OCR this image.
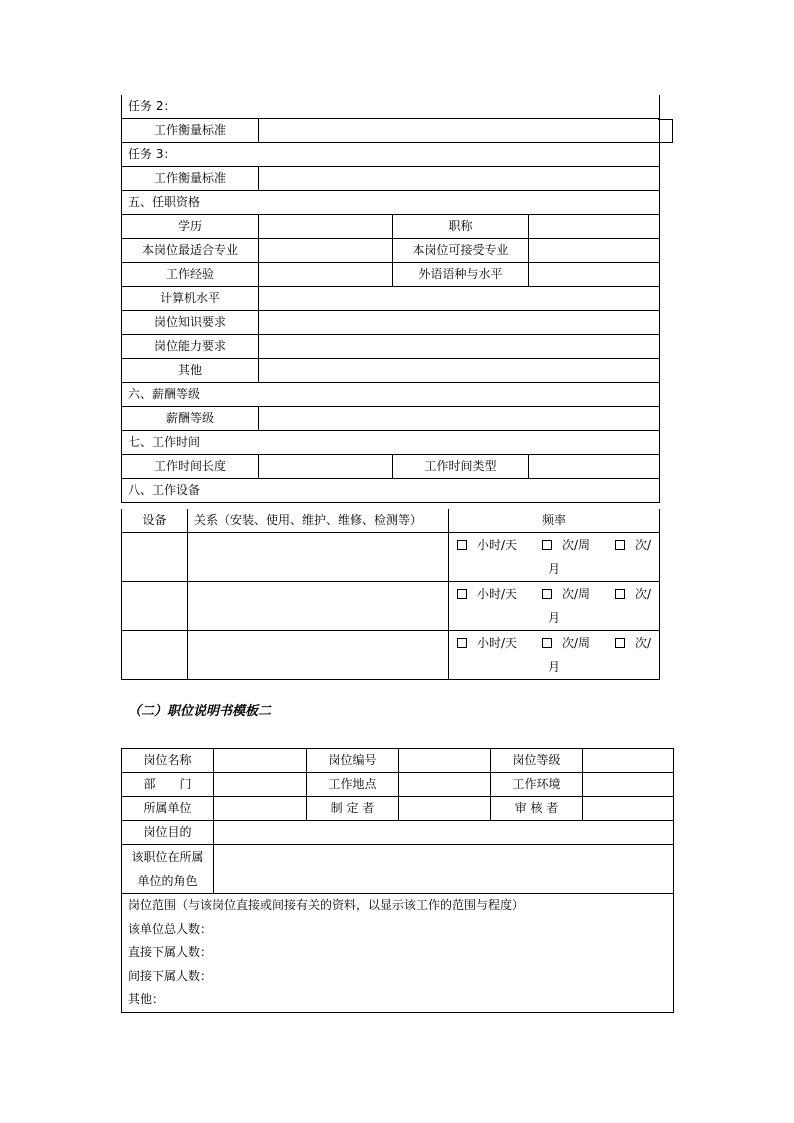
任务 2：			
工作衡量标准			
任务 3：			
工作衡量标准			
五、任职资格			
学历		职称	
本岗位最适合专业		本岗位可接受专业	
工作经验		外语语种与水平	
计算机水平			
岗位知识要求			
岗位能力要求			
其他			
六、薪酬等级			
薪酬等级			
七、工作时间			
工作时间长度		工作时间类型	
八、工作设备			
设备	关系（安装、使用、维护、维修、检测等）	频率

		小时/天 次/周 次/
月

		小时/天 次/周 次/
月

		小时/天 次/周 次/
月
（二）职位说明书模板二
岗位名称		岗位编号		岗位等级	
部　　门		工作地点		工作环境	
所属单位		制 定 者		审 核 者	
岗位目的					
该职位在所属单位的角色					

岗位范围（与该岗位直接或间接有关的资料，以显示该工作的范围与程度）
该单位总人数：
直接下属人数：
间接下属人数：
其他：					
